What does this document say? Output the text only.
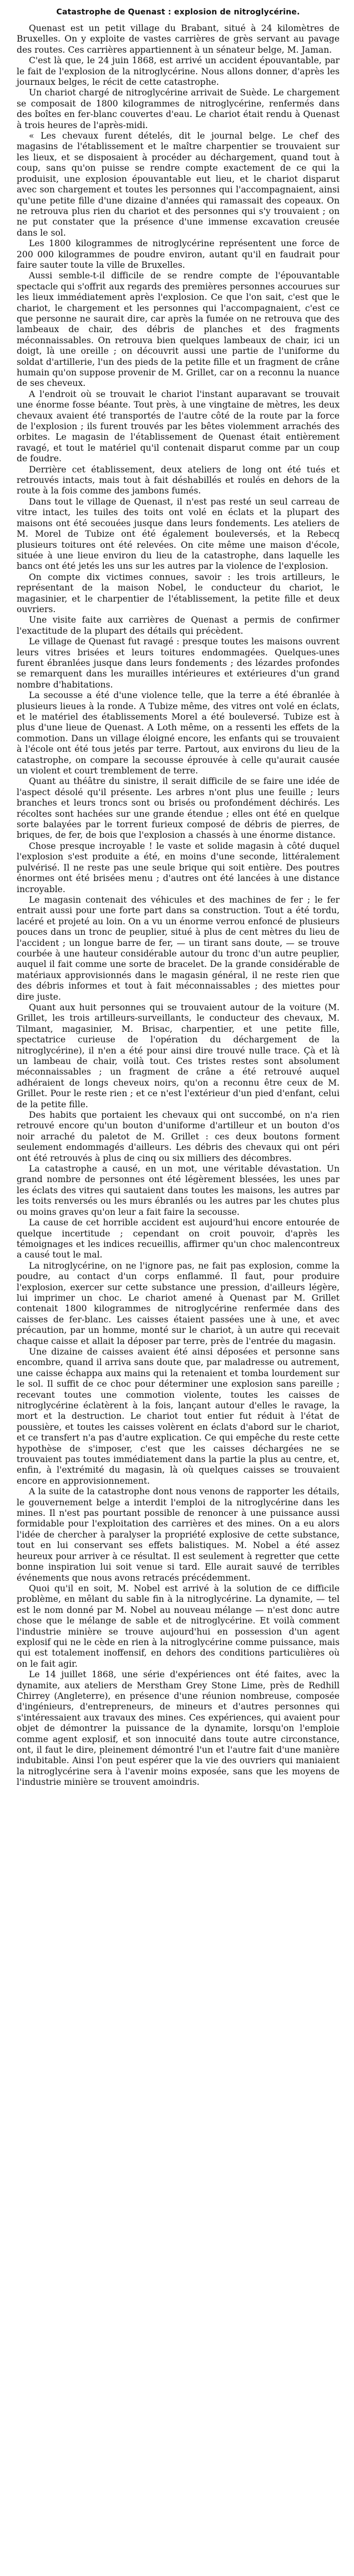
Catastrophe de Quenast : explosion de nitroglycérine.

Quenast est un petit village du Brabant, situé à 24 kilomètres de Bruxelles. On y exploite de vastes carrières de grès servant au pavage des routes. Ces carrières appartiennent à un sénateur belge, M. Jaman.

C'est là que, le 24 juin 1868, est arrivé un accident épouvantable, par le fait de l'explosion de la nitroglycérine. Nous allons donner, d'après les journaux belges, le récit de cette catastrophe.

Un chariot chargé de nitroglycérine arrivait de Suède. Le chargement se composait de 1800 kilogrammes de nitroglycérine, renfermés dans des boîtes en fer-blanc couvertes d'eau. Le chariot était rendu à Quenast à trois heures de l'après-midi.

« Les chevaux furent dételés, dit le journal belge. Le chef des magasins de l'établissement et le maître charpentier se trouvaient sur les lieux, et se disposaient à procéder au déchargement, quand tout à coup, sans qu'on puisse se rendre compte exactement de ce qui la produisit, une explosion épouvantable eut lieu, et le chariot disparut avec son chargement et toutes les personnes qui l'accompagnaient, ainsi qu'une petite fille d'une dizaine d'années qui ramassait des copeaux. On ne retrouva plus rien du chariot et des personnes qui s'y trouvaient ; on ne put constater que la présence d'une immense excavation creusée dans le sol.

Les 1800 kilogrammes de nitroglycérine représentent une force de 200 000 kilogrammes de poudre environ, autant qu'il en faudrait pour faire sauter toute la ville de Bruxelles.

Aussi semble-t-il difficile de se rendre compte de l'épouvantable spectacle qui s'offrit aux regards des premières personnes accourues sur les lieux immédiatement après l'explosion. Ce que l'on sait, c'est que le chariot, le chargement et les personnes qui l'accompagnaient, c'est ce que personne ne saurait dire, car après la fumée on ne retrouva que des lambeaux de chair, des débris de planches et des fragments méconnaissables. On retrouva bien quelques lambeaux de chair, ici un doigt, là une oreille ; on découvrit aussi une partie de l'uniforme du soldat d'artillerie, l'un des pieds de la petite fille et un fragment de crâne humain qu'on suppose provenir de M. Grillet, car on a reconnu la nuance de ses cheveux.

A l'endroit où se trouvait le chariot l'instant auparavant se trouvait une énorme fosse béante. Tout près, à une vingtaine de mètres, les deux chevaux avaient été transportés de l'autre côté de la route par la force de l'explosion ; ils furent trouvés par les bêtes violemment arrachés des orbites. Le magasin de l'établissement de Quenast était entièrement ravagé, et tout le matériel qu'il contenait disparut comme par un coup de foudre.

Derrière cet établissement, deux ateliers de long ont été tués et retrouvés intacts, mais tout à fait déshabillés et roulés en dehors de la route à la fois comme des jambons fumés.

Dans tout le village de Quenast, il n'est pas resté un seul carreau de vitre intact, les tuiles des toits ont volé en éclats et la plupart des maisons ont été secouées jusque dans leurs fondements. Les ateliers de M. Morel de Tubize ont été également bouleversés, et la Rebecq plusieurs toitures ont été relevées. On cite même une maison d'école, située à une lieue environ du lieu de la catastrophe, dans laquelle les bancs ont été jetés les uns sur les autres par la violence de l'explosion.

On compte dix victimes connues, savoir : les trois artilleurs, le représentant de la maison Nobel, le conducteur du chariot, le magasinier, et le charpentier de l'établissement, la petite fille et deux ouvriers.

Une visite faite aux carrières de Quenast a permis de confirmer l'exactitude de la plupart des détails qui précèdent.

Le village de Quenast fut ravagé : presque toutes les maisons ouvrent leurs vitres brisées et leurs toitures endommagées. Quelques-unes furent ébranlées jusque dans leurs fondements ; des lézardes profondes se remarquent dans les murailles intérieures et extérieures d'un grand nombre d'habitations.

La secousse a été d'une violence telle, que la terre a été ébranlée à plusieurs lieues à la ronde. A Tubize même, des vitres ont volé en éclats, et le matériel des établissements Morel a été bouleversé. Tubize est à plus d'une lieue de Quenast. A Loth même, on a ressenti les effets de la commotion. Dans un village éloigné encore, les enfants qui se trouvaient à l'école ont été tous jetés par terre. Partout, aux environs du lieu de la catastrophe, on compare la secousse éprouvée à celle qu'aurait causée un violent et court tremblement de terre.

Quant au théâtre du sinistre, il serait difficile de se faire une idée de l'aspect désolé qu'il présente. Les arbres n'ont plus une feuille ; leurs branches et leurs troncs sont ou brisés ou profondément déchirés. Les récoltes sont hachées sur une grande étendue ; elles ont été en quelque sorte balayées par le torrent furieux composé de débris de pierres, de briques, de fer, de bois que l'explosion a chassés à une énorme distance.

Chose presque incroyable ! le vaste et solide magasin à côté duquel l'explosion s'est produite a été, en moins d'une seconde, littéralement pulvérisé. Il ne reste pas une seule brique qui soit entière. Des poutres énormes ont été brisées menu ; d'autres ont été lancées à une distance incroyable.

Le magasin contenait des véhicules et des machines de fer ; le fer entrait aussi pour une forte part dans sa construction. Tout a été tordu, lacéré et projeté au loin. On a vu un énorme verrou enfoncé de plusieurs pouces dans un tronc de peuplier, situé à plus de cent mètres du lieu de l'accident ; un longue barre de fer, — un tirant sans doute, — se trouve courbée à une hauteur considérable autour du tronc d'un autre peuplier, auquel il fait comme une sorte de bracelet. De la grande considérable de matériaux approvisionnés dans le magasin général, il ne reste rien que des débris informes et tout à fait méconnaissables ; des miettes pour dire juste.

Quant aux huit personnes qui se trouvaient autour de la voiture (M. Grillet, les trois artilleurs-surveillants, le conducteur des chevaux, M. Tilmant, magasinier, M. Brisac, charpentier, et une petite fille, spectatrice curieuse de l'opération du déchargement de la nitroglycérine), il n'en a été pour ainsi dire trouvé nulle trace. Çà et là un lambeau de chair, voilà tout. Ces tristes restes sont absolument méconnaissables ; un fragment de crâne a été retrouvé auquel adhéraient de longs cheveux noirs, qu'on a reconnu être ceux de M. Grillet. Pour le reste rien ; et ce n'est l'extérieur d'un pied d'enfant, celui de la petite fille.

Des habits que portaient les chevaux qui ont succombé, on n'a rien retrouvé encore qu'un bouton d'uniforme d'artilleur et un bouton d'os noir arraché du paletot de M. Grillet : ces deux boutons forment seulement endommagés d'ailleurs. Les débris des chevaux qui ont péri ont été retrouvés à plus de cinq ou six milliers des décombres.

La catastrophe a causé, en un mot, une véritable dévastation. Un grand nombre de personnes ont été légèrement blessées, les unes par les éclats des vitres qui sautaient dans toutes les maisons, les autres par les toits renversés ou les murs ébranlés ou les autres par les chutes plus ou moins graves qu'on leur a fait faire la secousse.

La cause de cet horrible accident est aujourd'hui encore entourée de quelque incertitude ; cependant on croit pouvoir, d'après les témoignages et les indices recueillis, affirmer qu'un choc malencontreux a causé tout le mal.

La nitroglycérine, on ne l'ignore pas, ne fait pas explosion, comme la poudre, au contact d'un corps enflammé. Il faut, pour produire l'explosion, exercer sur cette substance une pression, d'ailleurs légère, lui imprimer un choc. Le chariot amené à Quenast par M. Grillet contenait 1800 kilogrammes de nitroglycérine renfermée dans des caisses de fer-blanc. Les caisses étaient passées une à une, et avec précaution, par un homme, monté sur le chariot, à un autre qui recevait chaque caisse et allait la déposer par terre, près de l'entrée du magasin.

Une dizaine de caisses avaient été ainsi déposées et personne sans encombre, quand il arriva sans doute que, par maladresse ou autrement, une caisse échappa aux mains qui la retenaient et tomba lourdement sur le sol. Il suffit de ce choc pour déterminer une explosion sans pareille ; recevant toutes une commotion violente, toutes les caisses de nitroglycérine éclatèrent à la fois, lançant autour d'elles le ravage, la mort et la destruction. Le chariot tout entier fut réduit à l'état de poussière, et toutes les caisses volèrent en éclats d'abord sur le chariot, et ce transfert n'a pas d'autre explication. Ce qui empêche du reste cette hypothèse de s'imposer, c'est que les caisses déchargées ne se trouvaient pas toutes immédiatement dans la partie la plus au centre, et, enfin, à l'extrémité du magasin, là où quelques caisses se trouvaient encore en approvisionnement.

A la suite de la catastrophe dont nous venons de rapporter les détails, le gouvernement belge a interdit l'emploi de la nitroglycérine dans les mines. Il n'est pas pourtant possible de renoncer à une puissance aussi formidable pour l'exploitation des carrières et des mines. On a eu alors l'idée de chercher à paralyser la propriété explosive de cette substance, tout en lui conservant ses effets balistiques. M. Nobel a été assez heureux pour arriver à ce résultat. Il est seulement à regretter que cette bonne inspiration lui soit venue si tard. Elle aurait sauvé de terribles événements que nous avons retracés précédemment.

Quoi qu'il en soit, M. Nobel est arrivé à la solution de ce difficile problème, en mêlant du sable fin à la nitroglycérine. La dynamite, — tel est le nom donné par M. Nobel au nouveau mélange — n'est donc autre chose que le mélange de sable et de nitroglycérine. Et voilà comment l'industrie minière se trouve aujourd'hui en possession d'un agent explosif qui ne le cède en rien à la nitroglycérine comme puissance, mais qui est totalement inoffensif, en dehors des conditions particulières où on le fait agir.

Le 14 juillet 1868, une série d'expériences ont été faites, avec la dynamite, aux ateliers de Merstham Grey Stone Lime, près de Redhill Chirrey (Angleterre), en présence d'une réunion nombreuse, composée d'ingénieurs, d'entrepreneurs, de mineurs et d'autres personnes qui s'intéressaient aux travaux des mines. Ces expériences, qui avaient pour objet de démontrer la puissance de la dynamite, lorsqu'on l'emploie comme agent explosif, et son innocuité dans toute autre circonstance, ont, il faut le dire, pleinement démontré l'un et l'autre fait d'une manière indubitable. Ainsi l'on peut espérer que la vie des ouvriers qui maniaient la nitroglycérine sera à l'avenir moins exposée, sans que les moyens de l'industrie minière se trouvent amoindris.
